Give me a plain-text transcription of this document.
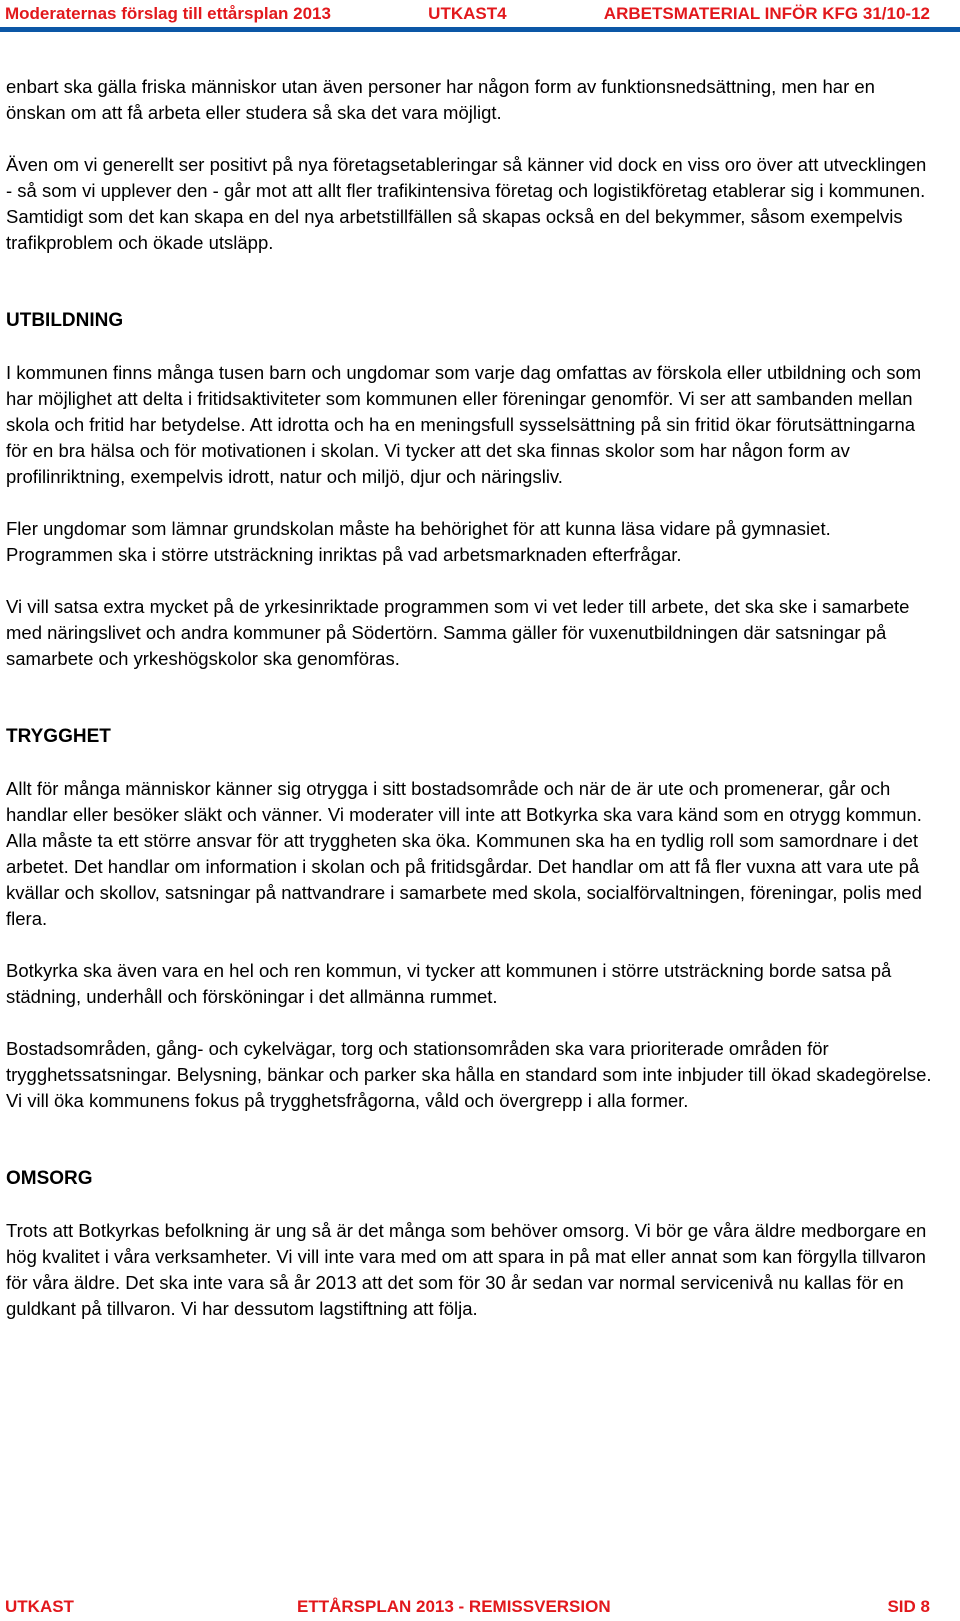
Moderaternas förslag till ettårsplan 2013	UTKAST4	ARBETSMATERIAL INFÖR KFG 31/10-12

enbart ska gälla friska människor utan även personer har någon form av funktionsnedsättning, men har en önskan om att få arbeta eller studera så ska det vara möjligt.

Även om vi generellt ser positivt på nya företagsetableringar så känner vid dock en viss oro över att utvecklingen - så som vi upplever den - går mot att allt fler trafikintensiva företag och logistikföretag etablerar sig i kommunen. Samtidigt som det kan skapa en del nya arbetstillfällen så skapas också en del bekymmer, såsom exempelvis trafikproblem och ökade utsläpp.

UTBILDNING

I kommunen finns många tusen barn och ungdomar som varje dag omfattas av förskola eller utbildning och som har möjlighet att delta i fritidsaktiviteter som kommunen eller föreningar genomför. Vi ser att sambanden mellan skola och fritid har betydelse. Att idrotta och ha en meningsfull sysselsättning på sin fritid ökar förutsättningarna för en bra hälsa och för motivationen i skolan. Vi tycker att det ska finnas skolor som har någon form av profilinriktning, exempelvis idrott, natur och miljö, djur och näringsliv.

Fler ungdomar som lämnar grundskolan måste ha behörighet för att kunna läsa vidare på gymnasiet. Programmen ska i större utsträckning inriktas på vad arbetsmarknaden efterfrågar.

Vi vill satsa extra mycket på de yrkesinriktade programmen som vi vet leder till arbete, det ska ske i samarbete med näringslivet och andra kommuner på Södertörn. Samma gäller för vuxenutbildningen där satsningar på samarbete och yrkeshögskolor ska genomföras.

TRYGGHET

Allt för många människor känner sig otrygga i sitt bostadsområde och när de är ute och promenerar, går och handlar eller besöker släkt och vänner. Vi moderater vill inte att Botkyrka ska vara känd som en otrygg kommun. Alla måste ta ett större ansvar för att tryggheten ska öka. Kommunen ska ha en tydlig roll som samordnare i det arbetet. Det handlar om information i skolan och på fritidsgårdar. Det handlar om att få fler vuxna att vara ute på kvällar och skollov, satsningar på nattvandrare i samarbete med skola, socialförvaltningen, föreningar, polis med flera.

Botkyrka ska även vara en hel och ren kommun, vi tycker att kommunen i större utsträckning borde satsa på städning, underhåll och försköningar i det allmänna rummet.

Bostadsområden, gång- och cykelvägar, torg och stationsområden ska vara prioriterade områden för trygghetssatsningar. Belysning, bänkar och parker ska hålla en standard som inte inbjuder till ökad skadegörelse. Vi vill öka kommunens fokus på trygghetsfrågorna, våld och övergrepp i alla former.

OMSORG

Trots att Botkyrkas befolkning är ung så är det många som behöver omsorg. Vi bör ge våra äldre medborgare en hög kvalitet i våra verksamheter. Vi vill inte vara med om att spara in på mat eller annat som kan förgylla tillvaron för våra äldre. Det ska inte vara så år 2013 att det som för 30 år sedan var normal servicenivå nu kallas för en guldkant på tillvaron. Vi har dessutom lagstiftning att följa.

UTKAST	ETTÅRSPLAN 2013 - REMISSVERSION	SID 8
